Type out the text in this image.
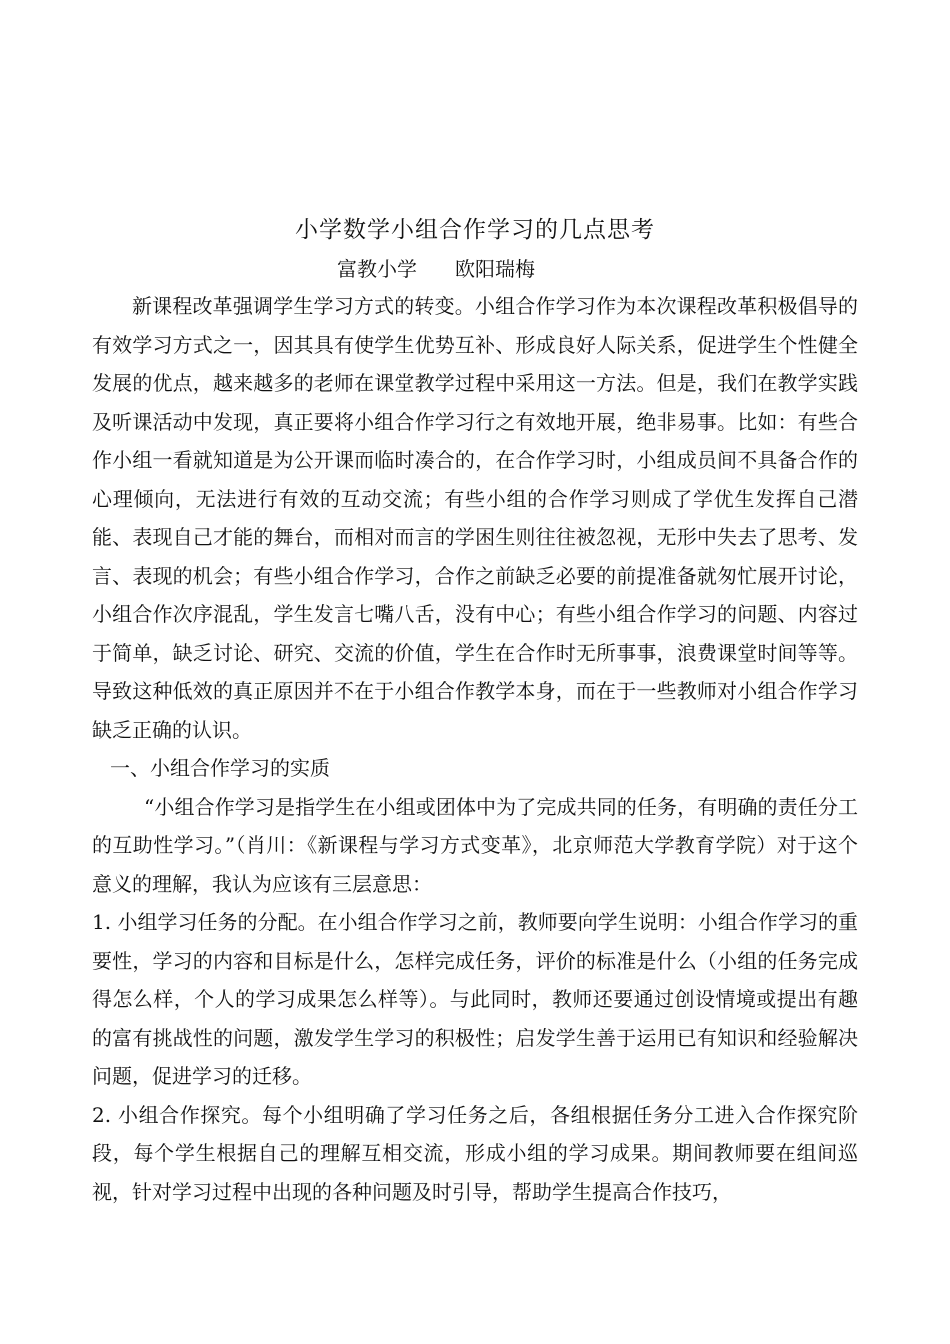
小学数学小组合作学习的几点思考
富教小学 欧阳瑞梅

新课程改革强调学生学习方式的转变。小组合作学习作为本次课程改革积极倡导的有效学习方式之一，因其具有使学生优势互补、形成良好人际关系，促进学生个性健全发展的优点，越来越多的老师在课堂教学过程中采用这一方法。但是，我们在教学实践及听课活动中发现，真正要将小组合作学习行之有效地开展，绝非易事。比如：有些合作小组一看就知道是为公开课而临时凑合的，在合作学习时，小组成员间不具备合作的心理倾向，无法进行有效的互动交流；有些小组的合作学习则成了学优生发挥自己潜能、表现自己才能的舞台，而相对而言的学困生则往往被忽视，无形中失去了思考、发言、表现的机会；有些小组合作学习，合作之前缺乏必要的前提准备就匆忙展开讨论，小组合作次序混乱，学生发言七嘴八舌，没有中心；有些小组合作学习的问题、内容过于简单，缺乏讨论、研究、交流的价值，学生在合作时无所事事，浪费课堂时间等等。导致这种低效的真正原因并不在于小组合作教学本身，而在于一些教师对小组合作学习缺乏正确的认识。

一、小组合作学习的实质

“小组合作学习是指学生在小组或团体中为了完成共同的任务，有明确的责任分工的互助性学习。”（肖川：《新课程与学习方式变革》，北京师范大学教育学院）对于这个意义的理解，我认为应该有三层意思：

1. 小组学习任务的分配。在小组合作学习之前，教师要向学生说明：小组合作学习的重要性，学习的内容和目标是什么，怎样完成任务，评价的标准是什么（小组的任务完成得怎么样，个人的学习成果怎么样等）。与此同时，教师还要通过创设情境或提出有趣的富有挑战性的问题，激发学生学习的积极性；启发学生善于运用已有知识和经验解决问题，促进学习的迁移。

2. 小组合作探究。每个小组明确了学习任务之后，各组根据任务分工进入合作探究阶段，每个学生根据自己的理解互相交流，形成小组的学习成果。期间教师要在组间巡视，针对学习过程中出现的各种问题及时引导，帮助学生提高合作技巧，
